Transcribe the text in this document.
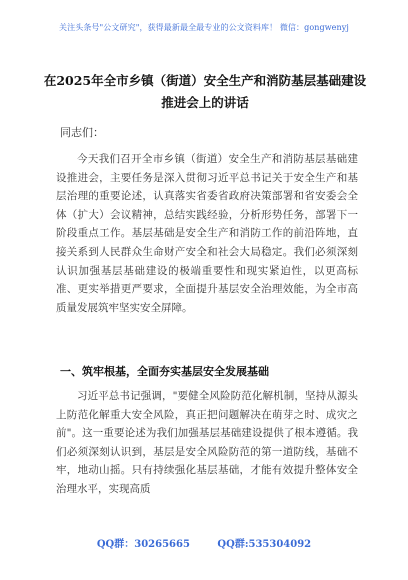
关注头条号"公文研究"，获得最新最全最专业的公文资料库！ 微信：gongwenyj
在2025年全市乡镇（街道）安全生产和消防基层基础建设
推进会上的讲话
同志们：
今天我们召开全市乡镇（街道）安全生产和消防基层基础建设推进会，主要任务是深入贯彻习近平总书记关于安全生产和基层治理的重要论述，认真落实省委省政府决策部署和省安委会全体（扩大）会议精神，总结实践经验，分析形势任务，部署下一阶段重点工作。基层基础是安全生产和消防工作的前沿阵地，直接关系到人民群众生命财产安全和社会大局稳定。我们必须深刻认识加强基层基础建设的极端重要性和现实紧迫性，以更高标准、更实举措更严要求，全面提升基层安全治理效能，为全市高质量发展筑牢坚实安全屏障。
一、筑牢根基，全面夯实基层安全发展基础
习近平总书记强调，"要健全风险防范化解机制，坚持从源头上防范化解重大安全风险，真正把问题解决在萌芽之时、成灾之前"。这一重要论述为我们加强基层基础建设提供了根本遵循。我们必须深刻认识到，基层是安全风险防范的第一道防线，基础不牢，地动山摇。只有持续强化基层基础，才能有效提升整体安全治理水平，实现高质
QQ群：30265665	QQ群:535304092
